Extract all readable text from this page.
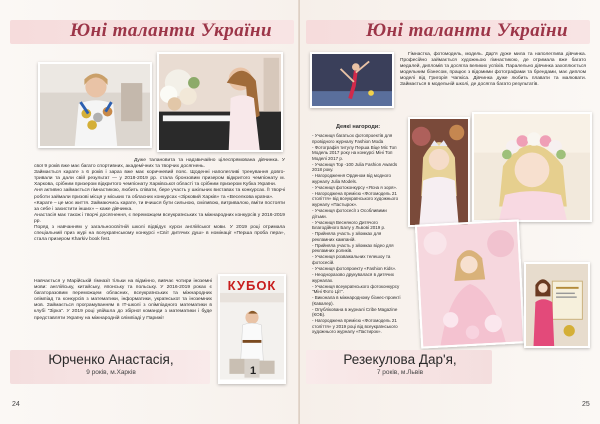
Юні таланти України

Дуже талановита та надзвичайно цілеспрямована дівчинка. У свої 9 років вже має багато спортивних, академічних та творчих досягнень.

Займається карате з 6 років і зараз вже має коричневий пояс. Щоденні наполегливі тренування довго-тривали та дали свій результат — у 2018-2019 рр. стала бронзовим призером відкритого чемпіонату м. Харкова, срібним призером відкритого чемпіонату Харківської області та срібним призером Кубка України.

Аня активно займається гімнастикою, любить співати, бере участь у шкільних виставах та конкурсах. Її творчі роботи займали призові місця у міських та обласних конкурсах «Зірковий Харків» та «Веселкова країна».

«Карате – це моє життя. Займаючись карате, ти вчишся бути сильною, сміливою, витривалою, вміти постояти за себе і захистити інших» – каже дівчинка.

Анастасія має також і творчі досягнення, є переможцем всеукраїнських та міжнародних конкурсів у 2016-2019 рр.

Поряд з навчанням у загальноосвітній школі відвідує курси англійської мови. У 2019 році отримала спеціальний приз журі на всеукраїнському конкурсі «Світ дитячих душ» в номінації «Перша проба пера», стала призером Kharkiv book fest.

Навчається у Марійській гімназії тільки на відмінно, вивчає чотири іноземні мови: англійську, китайську, японську та польську. У 2016-2019 роках є багаторазовим переможцем обласних, всеукраїнських та міжнародних олімпіад та конкурсів з математики, інформатики, української та іноземних мов. Займається програмуванням в IT-школі з олімпіадного математики в клубі "Зірка". У 2019 році увійшла до збірної команди з математики і буде представляти Україну на міжнародній олімпіаді у Парижі!

КУБОК
1
Юрченко Анастасія,
9 років, м.Харків
24
Юні таланти України

Гімнастка, фотомодель, модель. Дар'я дуже мила та наполеглива дівчинка. Професійно займається художньою гімнастикою, де отримала вже багато медалей, дипломів та досягла великих успіхів. Паралельно дівчинка захоплюється модельним бізнесом, працює з відомими фотографами та брендами, має диплом моделі від Григорія Чапкіса. Дівчинка дуже любить плавати та малювати. Займається в модельній школі, де досягла багато результатів.

Деякі нагороди:
- Учасниця багатьох фотопроектів для провідного журналу Fashion Moda
- Фотографія титулу Перша Віце Міс Топ Модель 2017 року на конкурсі Міні Топ Моделі 2017 р.
- Учасниця Top -100 Julia Fashion Awards 2018 року.
- Нагородження Орденом від модного журналу Julia Models.
- Учасниця фотоконкурсу «Ясна я зоря».
- Нагороджена премією «Фотомодель 21 століття» від всеукраїнського художнього журналу «Пастырок».
- Учасниця фотосесії з Особливими дітьми.
- Учасниця Весняного Дитячого Благодійного Балу у Львові 2019 р.
- Прийняла участь у зйомках для рекламних кампаній.
- Прийняла участь у зйомках відео для рекламних роликів.
- Учасниця розважальних телешоу та фотосесій.
- Учасниця фотопроекту «Fashion Kids».
- Неодноразово друкувалася в дитячих журналах.
- Учасниця всеукраїнського фотоконкурсу "Міні Фото Ціт".
- Виконала в міжнародному бізнес-проекті (Кавалер).
- Опублікована в журналі Cribe Magazine (КОБ).
- Нагороджена премією «Фотомодель 21 століття» у 2019 році від всеукраїнського художнього журналу «Пастирок».
Резекулова Дар'я,
7 років, м.Львів
25
